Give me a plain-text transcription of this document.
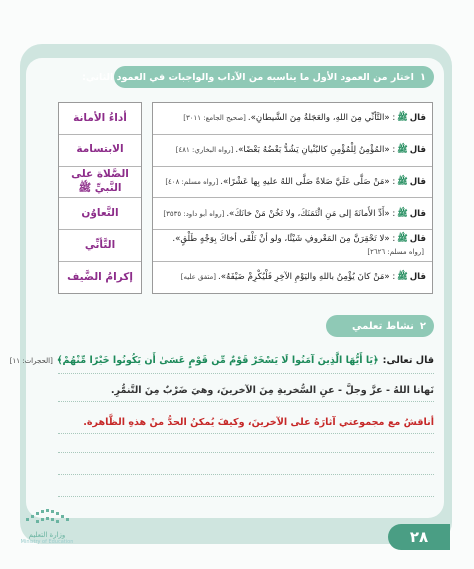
١
اختار من العمود الأول ما يناسبه من الآداب والواجبات في العمود الثاني:
أداءُ الأمانة
الابتسامة
الصَّلاة على النَّبيِّ ﷺ
التَّعاوُن
التَّأنِّي
إكرامُ الضَّيف
قالﷺ: «التَّأنِّي مِنَ اللهِ، والعَجَلةُ مِنَ الشَّيطانِ».[صحيح الجامع: ٣٠١١]
قالﷺ: «المُؤْمِنُ لِلْمُؤْمِنِ كالبُنْيانِ يَشُدُّ بَعْضُهُ بَعْضًا».[رواه البخاري: ٤٨١]
قالﷺ: «مَنْ صَلَّى عَلَيَّ صَلاةً صَلَّى اللهُ عليهِ بِها عَشْرًا».[رواه مسلم: ٤٠٨]
قالﷺ: «أَدِّ الأَمانَةَ إلى مَنِ ائْتَمَنَكَ، ولا تَخُنْ مَنْ خانَكَ».[رواه أبو داود: ٣٥٣٥]
قالﷺ: «لا تَحْقِرَنَّ مِنَ المَعْروفِ شَيْئًا، ولو أنْ تَلْقَى أخاكَ بِوَجْهٍ طَلْقٍ».[رواه مسلم: ٢٦٢٦]
قالﷺ: «مَنْ كانَ يُؤْمِنُ باللهِ واليَوْمِ الآخِرِ فَلْيُكْرِمْ ضَيْفَهُ».[متفق عليه]
٢
نشاط تعلمي
قال تعالى:
﴿يَا أَيُّهَا الَّذِينَ آمَنُوا لَا يَسْخَرْ قَوْمٌ مِّن قَوْمٍ عَسَىٰ أَن يَكُونُوا خَيْرًا مِّنْهُمْ﴾
[الحجرات: ١١]
نَهانا اللهُ - عزَّ وجلَّ - عنِ السُّخريةِ مِنَ الآخرينَ، وهيَ ضَرْبٌ مِنَ التَّنمُّرِ.
أناقشُ مع مجموعتي آثارَهُ على الآخرينَ، وكيفَ يُمكنُ الحدُّ منْ هذهِ الظَّاهرة.
وزارة التعليم
Ministry of Education	٢٨
